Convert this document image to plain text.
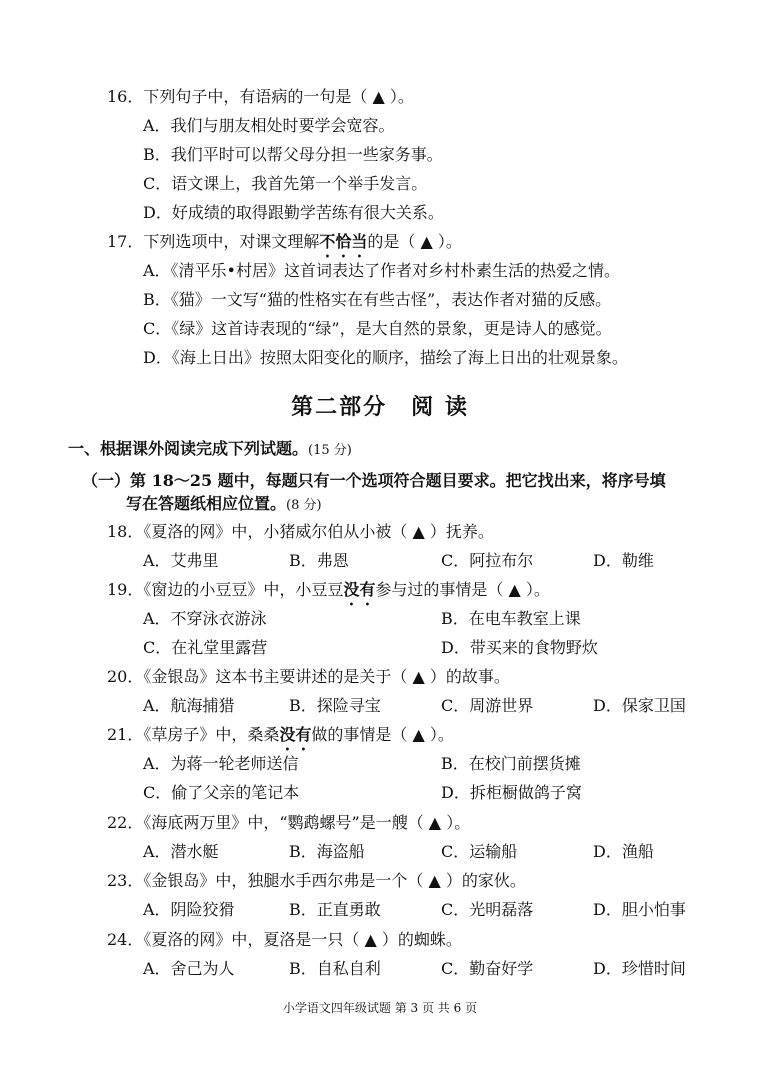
16．下列句子中，有语病的一句是（ ▲ ）。
A．我们与朋友相处时要学会宽容。
B．我们平时可以帮父母分担一些家务事。
C．语文课上，我首先第一个举手发言。
D．好成绩的取得跟勤学苦练有很大关系。
17．下列选项中，对课文理解不恰当的是（ ▲ ）。
A．《清平乐•村居》这首词表达了作者对乡村朴素生活的热爱之情。
B．《猫》一文写“猫的性格实在有些古怪”，表达作者对猫的反感。
C．《绿》这首诗表现的“绿”，是大自然的景象，更是诗人的感觉。
D．《海上日出》按照太阳变化的顺序，描绘了海上日出的壮观景象。
第二部分　阅 读
一、根据课外阅读完成下列试题。(15 分)
（一）第 18～25 题中，每题只有一个选项符合题目要求。把它找出来，将序号填
写在答题纸相应位置。(8 分)
18．《夏洛的网》中，小猪威尔伯从小被（ ▲ ）抚养。
A．艾弗里	B．弗恩	C．阿拉布尔	D．勒维
19．《窗边的小豆豆》中，小豆豆没有参与过的事情是（ ▲ ）。
A．不穿泳衣游泳	B．在电车教室上课
C．在礼堂里露营	D．带买来的食物野炊
20．《金银岛》这本书主要讲述的是关于（ ▲ ）的故事。
A．航海捕猎	B．探险寻宝	C．周游世界	D．保家卫国
21．《草房子》中，桑桑没有做的事情是（ ▲ ）。
A．为蒋一轮老师送信	B．在校门前摆货摊
C．偷了父亲的笔记本	D．拆柜橱做鸽子窝
22．《海底两万里》中，“鹦鹉螺号”是一艘（ ▲ ）。
A．潜水艇	B．海盗船	C．运输船	D．渔船
23．《金银岛》中，独腿水手西尔弗是一个（ ▲ ）的家伙。
A．阴险狡猾	B．正直勇敢	C．光明磊落	D．胆小怕事
24．《夏洛的网》中，夏洛是一只（ ▲ ）的蜘蛛。
A．舍己为人	B．自私自利	C．勤奋好学	D．珍惜时间
小学语文四年级试题 第 3 页 共 6 页
